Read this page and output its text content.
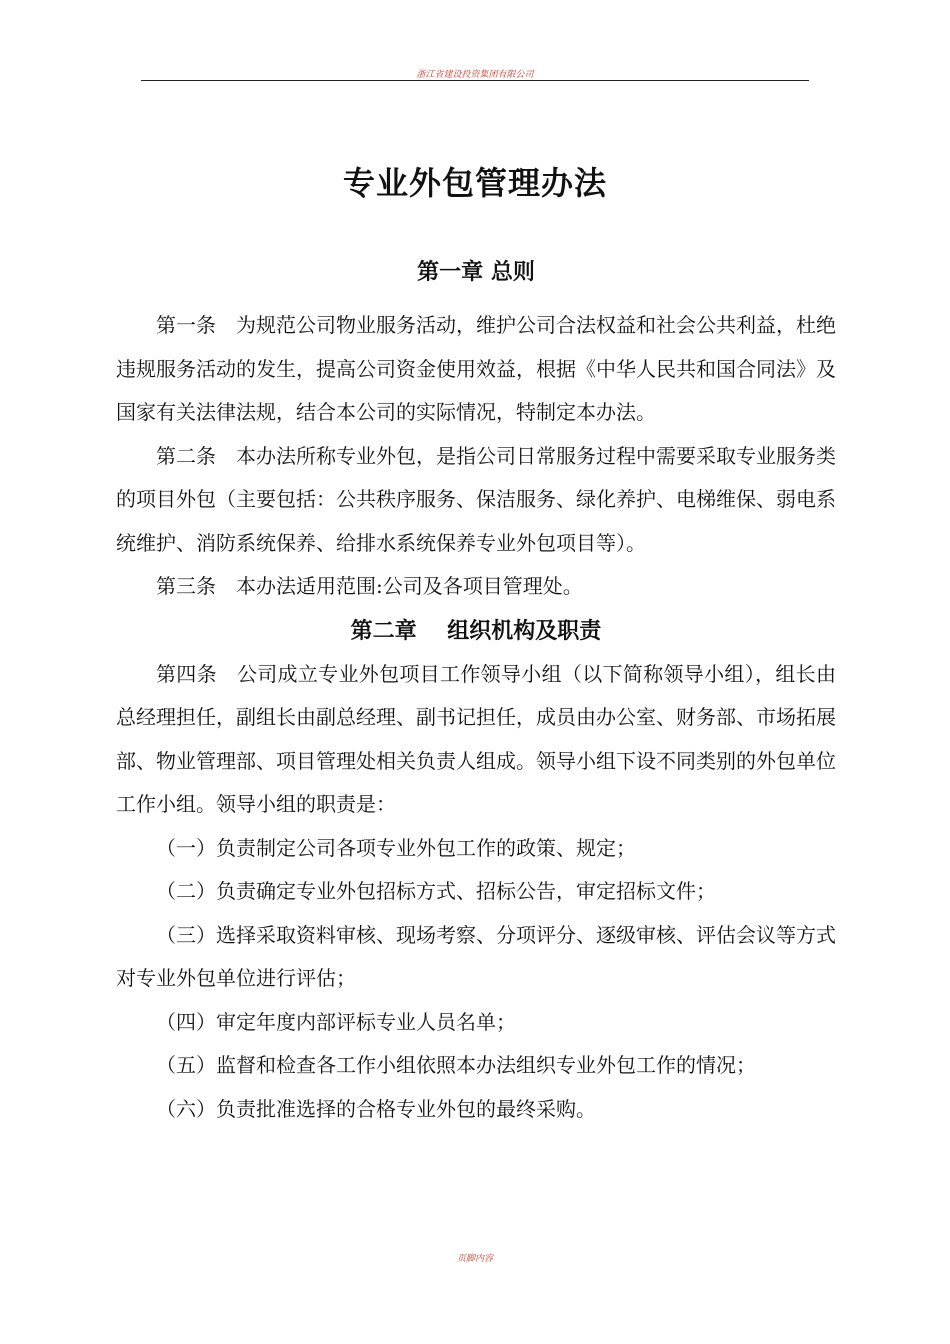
浙江省建设投资集团有限公司
专业外包管理办法
第一章 总则

第一条 为规范公司物业服务活动，维护公司合法权益和社会公共利益，杜绝违规服务活动的发生，提高公司资金使用效益，根据《中华人民共和国合同法》及国家有关法律法规，结合本公司的实际情况，特制定本办法。

第二条 本办法所称专业外包，是指公司日常服务过程中需要采取专业服务类的项目外包（主要包括：公共秩序服务、保洁服务、绿化养护、电梯维保、弱电系统维护、消防系统保养、给排水系统保养专业外包项目等）。

第三条 本办法适用范围:公司及各项目管理处。

第二章    组织机构及职责

第四条 公司成立专业外包项目工作领导小组（以下简称领导小组），组长由总经理担任，副组长由副总经理、副书记担任，成员由办公室、财务部、市场拓展部、物业管理部、项目管理处相关负责人组成。领导小组下设不同类别的外包单位工作小组。领导小组的职责是：

（一）负责制定公司各项专业外包工作的政策、规定；

（二）负责确定专业外包招标方式、招标公告，审定招标文件；

（三）选择采取资料审核、现场考察、分项评分、逐级审核、评估会议等方式对专业外包单位进行评估；

（四）审定年度内部评标专业人员名单；

（五）监督和检查各工作小组依照本办法组织专业外包工作的情况；

（六）负责批准选择的合格专业外包的最终采购。

页脚内容
